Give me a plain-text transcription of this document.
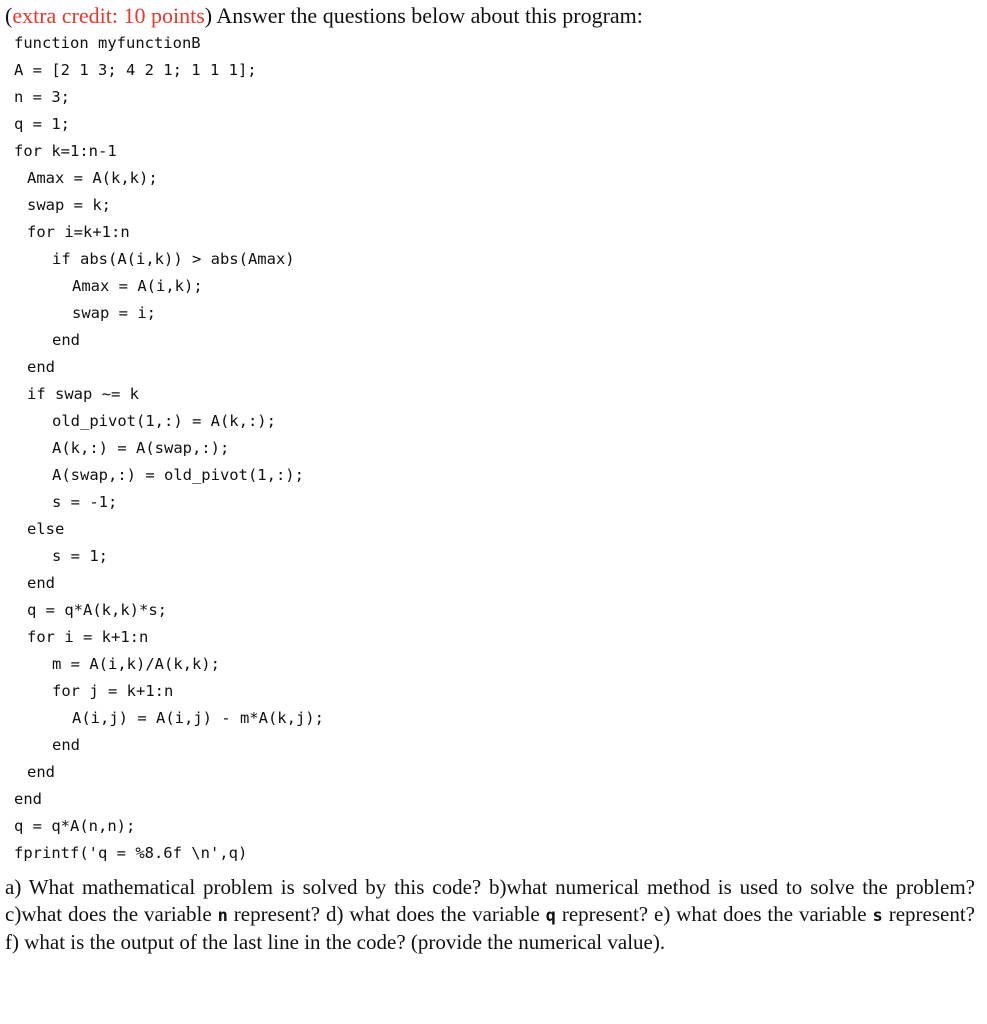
(extra credit: 10 points) Answer the questions below about this program:
function myfunctionB
A = [2 1 3; 4 2 1; 1 1 1];
n = 3;
q = 1;
for k=1:n-1
Amax = A(k,k);
swap = k;
for i=k+1:n
if abs(A(i,k)) > abs(Amax)
Amax = A(i,k);
swap = i;
end
end
if swap ~= k
old_pivot(1,:) = A(k,:);
A(k,:) = A(swap,:);
A(swap,:) = old_pivot(1,:);
s = -1;
else
s = 1;
end
q = q*A(k,k)*s;
for i = k+1:n
m = A(i,k)/A(k,k);
for j = k+1:n
A(i,j) = A(i,j) - m*A(k,j);
end
end
end
q = q*A(n,n);
fprintf('q = %8.6f \n',q)
a) What mathematical problem is solved by this code? b)what numerical method is used to solve the problem? c)what does the variable n represent? d) what does the variable q represent? e) what does the variable s represent? f) what is the output of the last line in the code? (provide the numerical value).
